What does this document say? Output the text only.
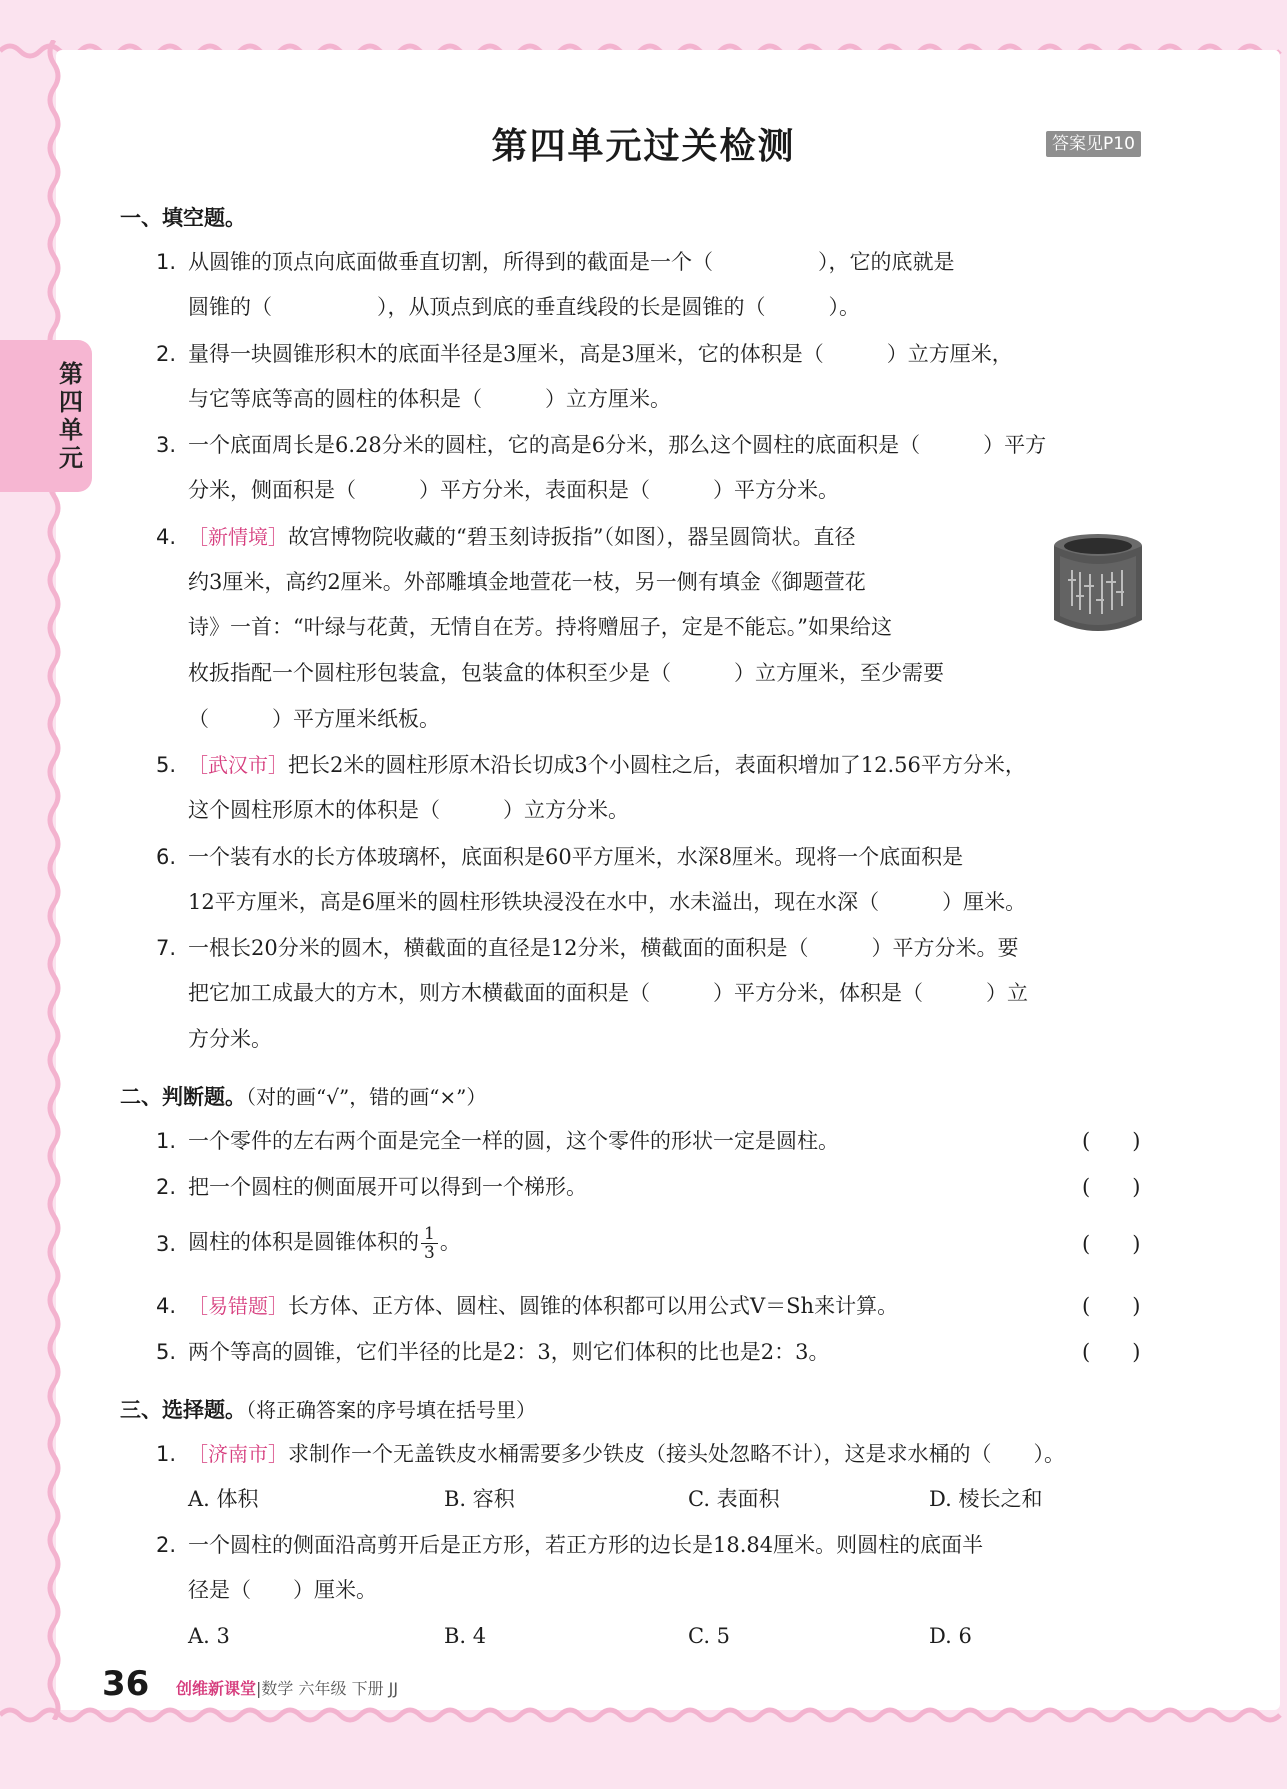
第四单元
第四单元过关检测	答案见P10
一、填空题。
1. 从圆锥的顶点向底面做垂直切割，所得到的截面是一个（　　　　　），它的底就是
圆锥的（　　　　　），从顶点到底的垂直线段的长是圆锥的（　　　）。
2. 量得一块圆锥形积木的底面半径是3厘米，高是3厘米，它的体积是（　　　）立方厘米，
与它等底等高的圆柱的体积是（　　　）立方厘米。
3. 一个底面周长是6.28分米的圆柱，它的高是6分米，那么这个圆柱的底面积是（　　　）平方
分米，侧面积是（　　　）平方分米，表面积是（　　　）平方分米。
4. ［新情境］故宫博物院收藏的“碧玉刻诗扳指”（如图），器呈圆筒状。直径
约3厘米，高约2厘米。外部雕填金地萱花一枝，另一侧有填金《御题萱花
诗》一首：“叶绿与花黄，无情自在芳。持将赠屈子，定是不能忘。”如果给这
枚扳指配一个圆柱形包装盒，包装盒的体积至少是（　　　）立方厘米，至少需要
（　　　）平方厘米纸板。
5. ［武汉市］把长2米的圆柱形原木沿长切成3个小圆柱之后，表面积增加了12.56平方分米，
这个圆柱形原木的体积是（　　　）立方分米。
6. 一个装有水的长方体玻璃杯，底面积是60平方厘米，水深8厘米。现将一个底面积是
12平方厘米，高是6厘米的圆柱形铁块浸没在水中，水未溢出，现在水深（　　　）厘米。
7. 一根长20分米的圆木，横截面的直径是12分米，横截面的面积是（　　　）平方分米。要
把它加工成最大的方木，则方木横截面的面积是（　　　）平方分米，体积是（　　　）立
方分米。
二、判断题。（对的画“√”，错的画“×”）
1. 一个零件的左右两个面是完全一样的圆，这个零件的形状一定是圆柱。	(　　)
2. 把一个圆柱的侧面展开可以得到一个梯形。	(　　)
3. 圆柱的体积是圆锥体积的 $\frac{1}{3}$ 。	(　　)
4. ［易错题］长方体、正方体、圆柱、圆锥的体积都可以用公式V＝Sh来计算。	(　　)
5. 两个等高的圆锥，它们半径的比是2：3，则它们体积的比也是2：3。	(　　)
三、选择题。（将正确答案的序号填在括号里）
1. ［济南市］求制作一个无盖铁皮水桶需要多少铁皮（接头处忽略不计），这是求水桶的（　　）。
A. 体积	B. 容积	C. 表面积	D. 棱长之和
2. 一个圆柱的侧面沿高剪开后是正方形，若正方形的边长是18.84厘米。则圆柱的底面半
径是（　　）厘米。
A. 3	B. 4	C. 5	D. 6
36 创维新课堂|数学 六年级 下册 JJ
